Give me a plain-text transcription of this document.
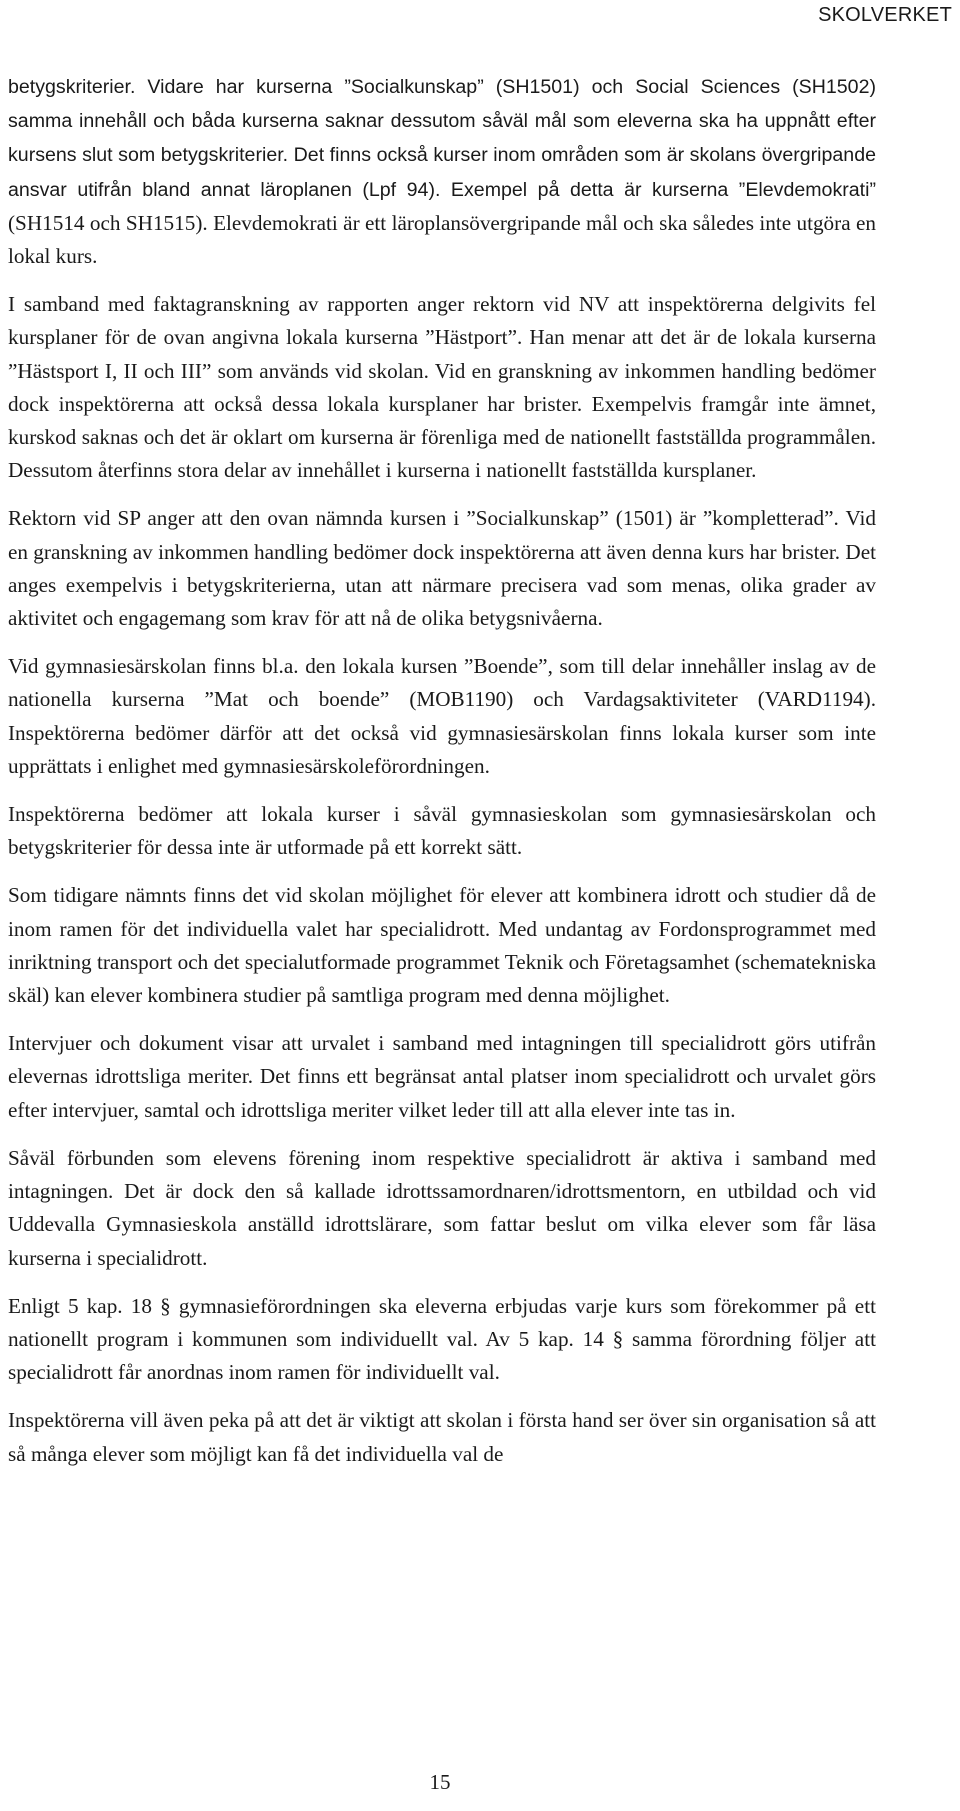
SKOLVERKET

betygskriterier. Vidare har kurserna ”Socialkunskap” (SH1501) och Social Sciences (SH1502) samma innehåll och båda kurserna saknar dessutom såväl mål som eleverna ska ha uppnått efter kursens slut som betygskriterier. Det finns också kurser inom områden som är skolans övergripande ansvar utifrån bland annat läroplanen (Lpf 94). Exempel på detta är kurserna ”Elevdemokrati” (SH1514 och SH1515). Elevdemokrati är ett läroplansövergripande mål och ska således inte utgöra en lokal kurs.

I samband med faktagranskning av rapporten anger rektorn vid NV att inspektörerna delgivits fel kursplaner för de ovan angivna lokala kurserna ”Hästport”. Han menar att det är de lokala kurserna ”Hästsport I, II och III” som används vid skolan. Vid en granskning av inkommen handling bedömer dock inspektörerna att också dessa lokala kursplaner har brister. Exempelvis framgår inte ämnet, kurskod saknas och det är oklart om kurserna är förenliga med de nationellt fastställda programmålen. Dessutom återfinns stora delar av innehållet i kurserna i nationellt fastställda kursplaner.

Rektorn vid SP anger att den ovan nämnda kursen i ”Socialkunskap” (1501) är ”kompletterad”. Vid en granskning av inkommen handling bedömer dock inspektörerna att även denna kurs har brister. Det anges exempelvis i betygskriterierna, utan att närmare precisera vad som menas, olika grader av aktivitet och engagemang som krav för att nå de olika betygsnivåerna.

Vid gymnasiesärskolan finns bl.a. den lokala kursen ”Boende”, som till delar innehåller inslag av de nationella kurserna ”Mat och boende” (MOB1190) och Vardagsaktiviteter (VARD1194). Inspektörerna bedömer därför att det också vid gymnasiesärskolan finns lokala kurser som inte upprättats i enlighet med gymnasiesärskoleförordningen.

Inspektörerna bedömer att lokala kurser i såväl gymnasieskolan som gymnasiesärskolan och betygskriterier för dessa inte är utformade på ett korrekt sätt.

Som tidigare nämnts finns det vid skolan möjlighet för elever att kombinera idrott och studier då de inom ramen för det individuella valet har specialidrott. Med undantag av Fordonsprogrammet med inriktning transport och det specialutformade programmet Teknik och Företagsamhet (schematekniska skäl) kan elever kombinera studier på samtliga program med denna möjlighet.

Intervjuer och dokument visar att urvalet i samband med intagningen till specialidrott görs utifrån elevernas idrottsliga meriter. Det finns ett begränsat antal platser inom specialidrott och urvalet görs efter intervjuer, samtal och idrottsliga meriter vilket leder till att alla elever inte tas in.

Såväl förbunden som elevens förening inom respektive specialidrott är aktiva i samband med intagningen. Det är dock den så kallade idrottssamordnaren/idrottsmentorn, en utbildad och vid Uddevalla Gymnasieskola anställd idrottslärare, som fattar beslut om vilka elever som får läsa kurserna i specialidrott.

Enligt 5 kap. 18 § gymnasieförordningen ska eleverna erbjudas varje kurs som förekommer på ett nationellt program i kommunen som individuellt val. Av 5 kap. 14 § samma förordning följer att specialidrott får anordnas inom ramen för individuellt val.

Inspektörerna vill även peka på att det är viktigt att skolan i första hand ser över sin organisation så att så många elever som möjligt kan få det individuella val de

15
